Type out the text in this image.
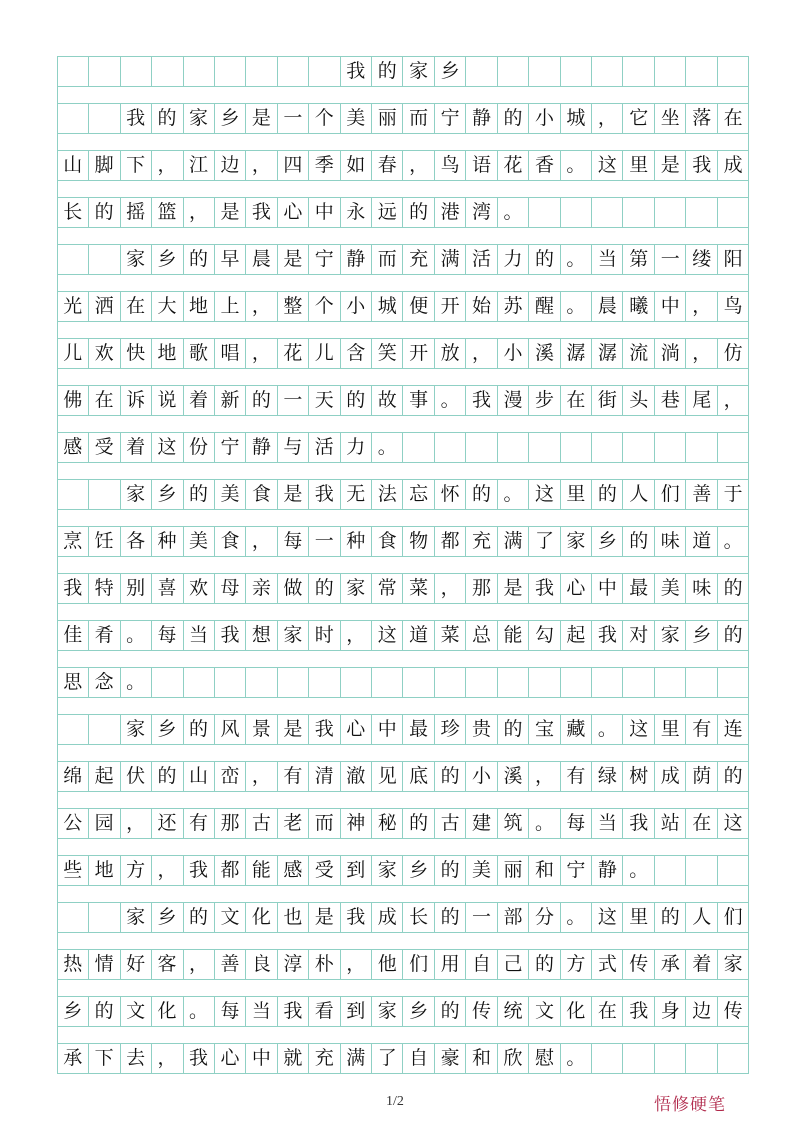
　　　　　　　　　我的家乡　　　　　　　　　
　　我的家乡是一个美丽而宁静的小城，它坐落在
山脚下，江边，四季如春，鸟语花香。这里是我成
长的摇篮，是我心中永远的港湾。
　　家乡的早晨是宁静而充满活力的。当第一缕阳
光洒在大地上，整个小城便开始苏醒。晨曦中，鸟
儿欢快地歌唱，花儿含笑开放，小溪潺潺流淌，仿
佛在诉说着新的一天的故事。我漫步在街头巷尾，
感受着这份宁静与活力。
　　家乡的美食是我无法忘怀的。这里的人们善于
烹饪各种美食，每一种食物都充满了家乡的味道。
我特别喜欢母亲做的家常菜，那是我心中最美味的
佳肴。每当我想家时，这道菜总能勾起我对家乡的
思念。
　　家乡的风景是我心中最珍贵的宝藏。这里有连
绵起伏的山峦，有清澈见底的小溪，有绿树成荫的
公园，还有那古老而神秘的古建筑。每当我站在这
些地方，我都能感受到家乡的美丽和宁静。
　　家乡的文化也是我成长的一部分。这里的人们
热情好客，善良淳朴，他们用自己的方式传承着家
乡的文化。每当我看到家乡的传统文化在我身边传
承下去，我心中就充满了自豪和欣慰。
1/2	悟修硬笔
